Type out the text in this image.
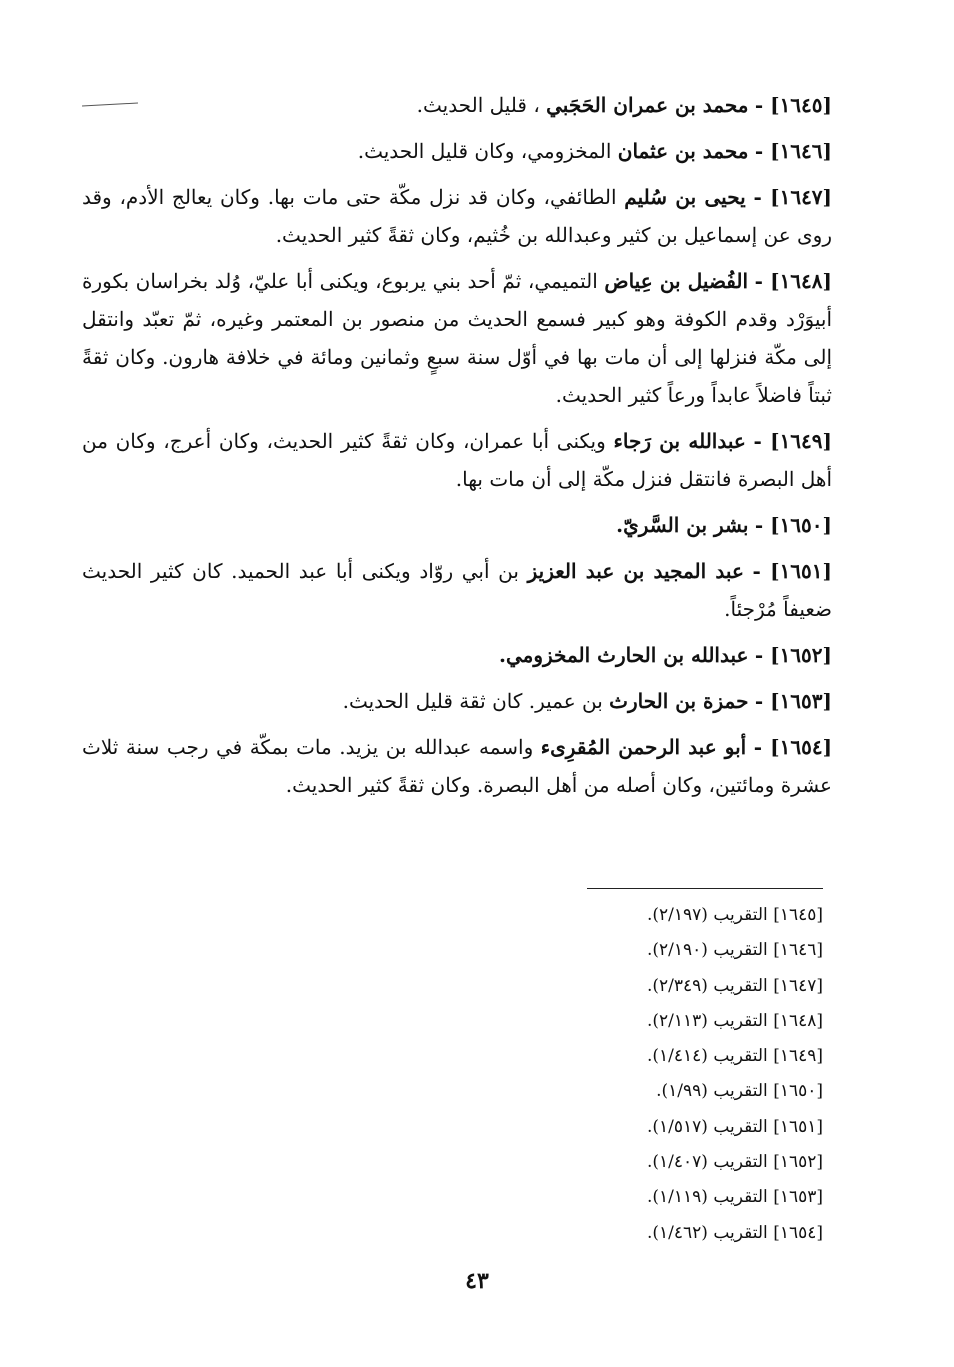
[١٦٤٥] - محمد بن عمران الحَجَبي ، قليل الحديث.

[١٦٤٦] - محمد بن عثمان المخزومي، وكان قليل الحديث.

[١٦٤٧] - يحيى بن سُليم الطائفي، وكان قد نزل مكّة حتى مات بها. وكان يعالج الأدم، وقد روى عن إسماعيل بن كثير وعبدالله بن خُثيم، وكان ثقةً كثير الحديث.

[١٦٤٨] - الفُضيل بن عِياض التميمي، ثمّ أحد بني يربوع، ويكنى أبا عليّ، وُلد بخراسان بكورة أبيوَرْد وقدم الكوفة وهو كبير فسمع الحديث من منصور بن المعتمر وغيره، ثمّ تعبّد وانتقل إلى مكّة فنزلها إلى أن مات بها في أوّل سنة سبعٍ وثمانين ومائة في خلافة هارون. وكان ثقةً ثبتاً فاضلاً عابداً ورعاً كثير الحديث.

[١٦٤٩] - عبدالله بن رَجاء ويكنى أبا عمران، وكان ثقةً كثير الحديث، وكان أعرج، وكان من أهل البصرة فانتقل فنزل مكّة إلى أن مات بها.

[١٦٥٠] - بشر بن السَّريّ.

[١٦٥١] - عبد المجيد بن عبد العزيز بن أبي روّاد ويكنى أبا عبد الحميد. كان كثير الحديث ضعيفاً مُرْجئاً.

[١٦٥٢] - عبدالله بن الحارث المخزومي.

[١٦٥٣] - حمزة بن الحارث بن عمير. كان ثقة قليل الحديث.

[١٦٥٤] - أبو عبد الرحمن المُقرِىء واسمه عبدالله بن يزيد. مات بمكّة في رجب سنة ثلاث عشرة ومائتين، وكان أصله من أهل البصرة. وكان ثقةً كثير الحديث.

[١٦٤٥] التقريب (٢/١٩٧).
[١٦٤٦] التقريب (٢/١٩٠).
[١٦٤٧] التقريب (٢/٣٤٩).
[١٦٤٨] التقريب (٢/١١٣).
[١٦٤٩] التقريب (١/٤١٤).
[١٦٥٠] التقريب (١/٩٩).
[١٦٥١] التقريب (١/٥١٧).
[١٦٥٢] التقريب (١/٤٠٧).
[١٦٥٣] التقريب (١/١١٩).
[١٦٥٤] التقريب (١/٤٦٢).
٤٣
